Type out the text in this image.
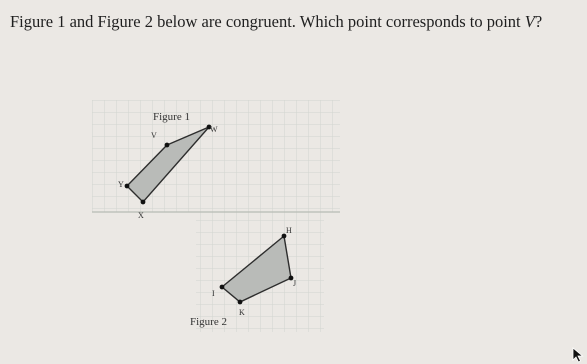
Figure 1 and Figure 2 below are congruent. Which point corresponds to point V?
Figure 1
V
W
Y
X
H
J
K
I
Figure 2
